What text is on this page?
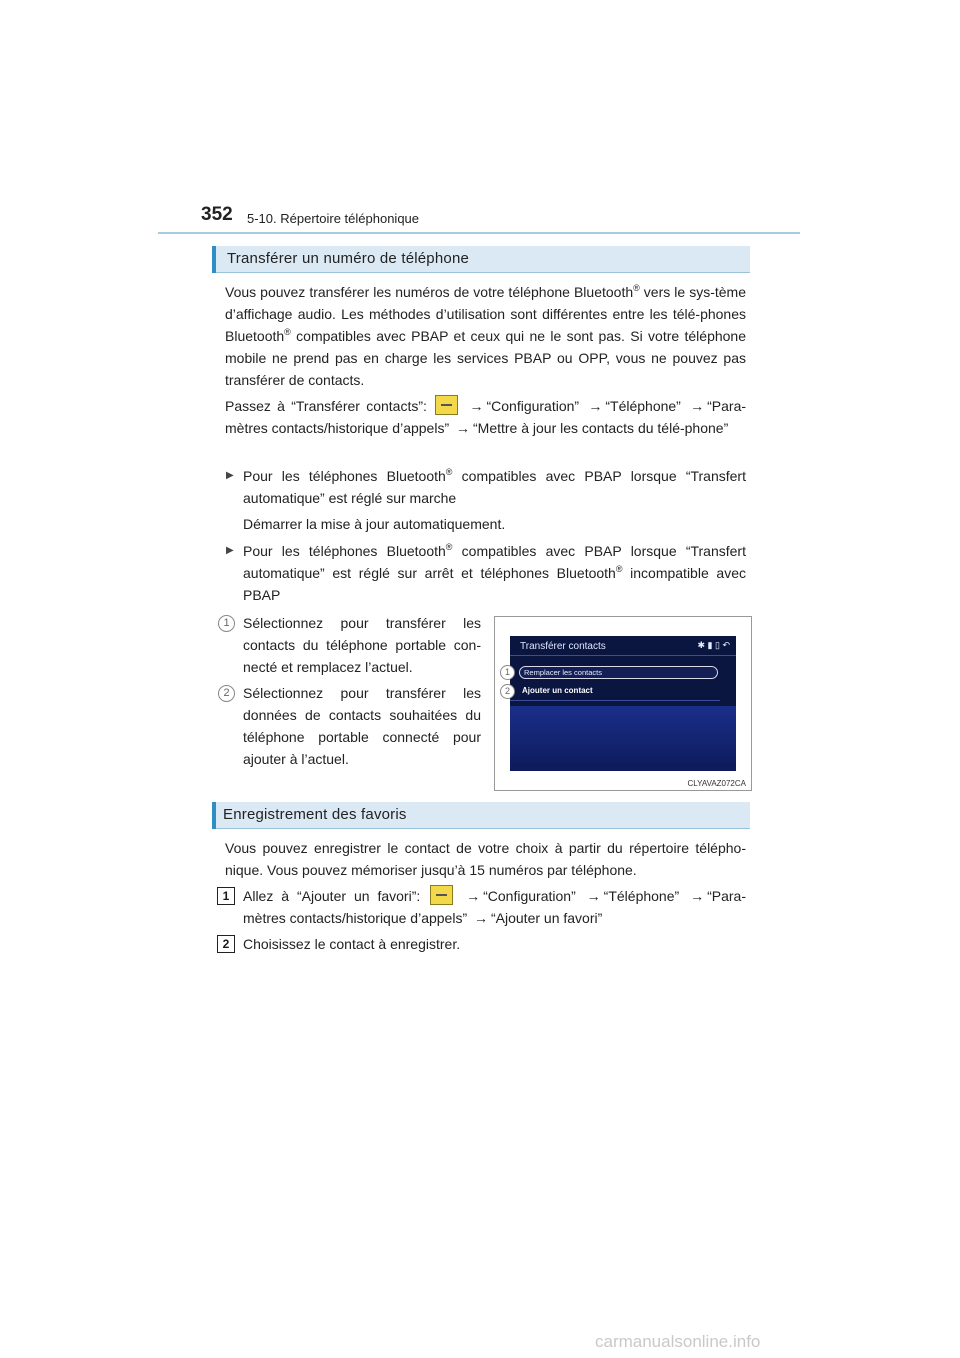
352 5-10. Répertoire téléphonique
Transférer un numéro de téléphone
Vous pouvez transférer les numéros de votre téléphone Bluetooth® vers le sys-tème d’affichage audio. Les méthodes d’utilisation sont différentes entre les télé-phones Bluetooth® compatibles avec PBAP et ceux qui ne le sont pas. Si votre téléphone mobile ne prend pas en charge les services PBAP ou OPP, vous ne pouvez pas transférer de contacts.
Passez à “Transférer contacts”:	→ “Configuration” → “Téléphone” → “Para-mètres contacts/historique d’appels” → “Mettre à jour les contacts du télé-phone”
▶ Pour les téléphones Bluetooth® compatibles avec PBAP lorsque “Transfert automatique” est réglé sur marche
Démarrer la mise à jour automatiquement.
▶ Pour les téléphones Bluetooth® compatibles avec PBAP lorsque “Transfert automatique” est réglé sur arrêt et téléphones Bluetooth® incompatible avec PBAP
1 Sélectionnez pour transférer les contacts du téléphone portable con-necté et remplacez l’actuel.
2 Sélectionnez pour transférer les données de contacts souhaitées du téléphone portable connecté pour ajouter à l’actuel.
Transférer contacts	✱ ▮ ▯ ↶
Remplacer les contacts
Ajouter un contact
1
2
CLYAVAZ072CA
Enregistrement des favoris
Vous pouvez enregistrer le contact de votre choix à partir du répertoire télépho-nique. Vous pouvez mémoriser jusqu’à 15 numéros par téléphone.
1 Allez à “Ajouter un favori”:	→ “Configuration” → “Téléphone” → “Para-mètres contacts/historique d’appels” → “Ajouter un favori”
2 Choisissez le contact à enregistrer.
carmanualsonline.info
